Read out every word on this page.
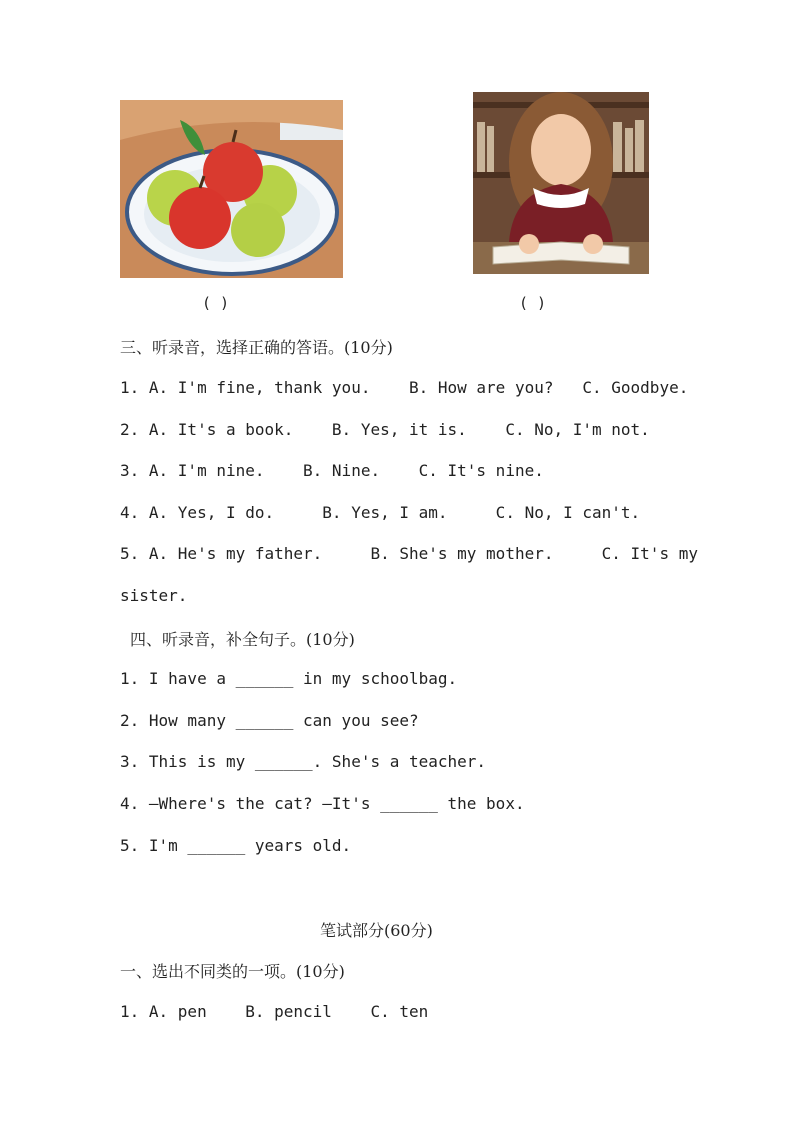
( )	( )
三、听录音，选择正确的答语。(10分)
1. A. I'm fine, thank you.    B. How are you?   C. Goodbye.
2. A. It's a book.    B. Yes, it is.    C. No, I'm not.
3. A. I'm nine.    B. Nine.    C. It's nine.
4. A. Yes, I do.     B. Yes, I am.     C. No, I can't.
5. A. He's my father.     B. She's my mother.     C. It's my
sister.
四、听录音，补全句子。(10分)
1. I have a ______ in my schoolbag.
2. How many ______ can you see?
3. This is my ______. She's a teacher.
4. —Where's the cat? —It's ______ the box.
5. I'm ______ years old.
笔试部分(60分)
一、选出不同类的一项。(10分)
1. A. pen    B. pencil    C. ten
